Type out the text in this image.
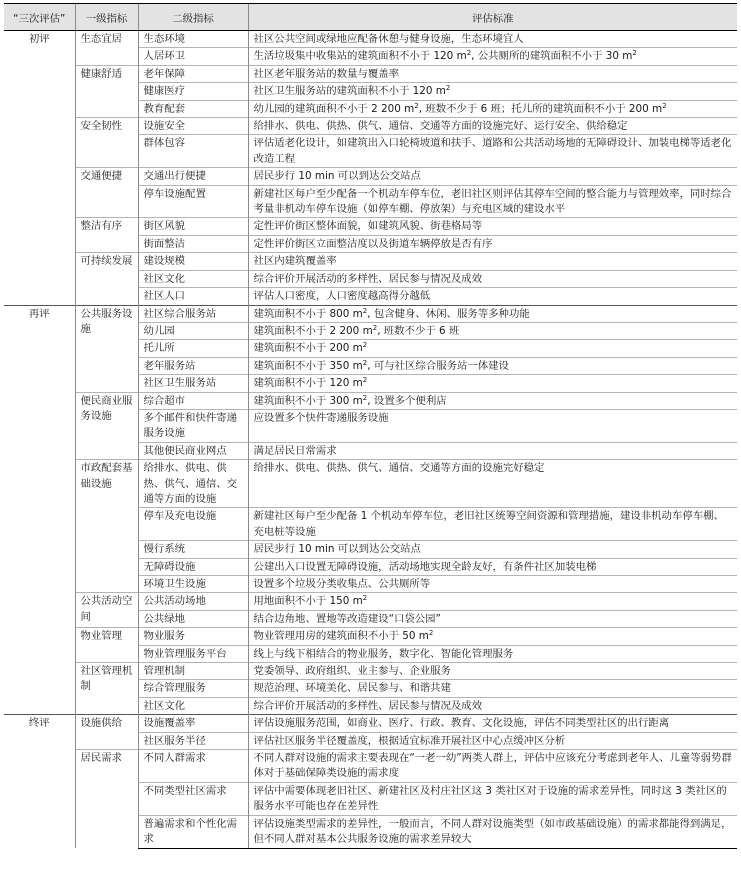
“三次评估”	一级指标	二级指标	评估标准
初评	生态宜居	生态环境	社区公共空间或绿地应配备休憩与健身设施，生态环境宜人
		人居环卫	生活垃圾集中收集站的建筑面积不小于 120 $m^2$, 公共厕所的建筑面积不小于 30 $m^2$
	健康舒适	老年保障	社区老年服务站的数量与覆盖率
		健康医疗	社区卫生服务站的建筑面积不小于 120 $m^2$
		教育配套	幼儿园的建筑面积不小于 2 200 $m^2$, 班数不少于 6 班；托儿所的建筑面积不小于 200 $m^2$
	安全韧性	设施安全	给排水、供电、供热、供气、通信、交通等方面的设施完好、运行安全、供给稳定
		群体包容	评估适老化设计，如建筑出入口轮椅坡道和扶手、道路和公共活动场地的无障碍设计、加装电梯等适老化改造工程
	交通便捷	交通出行便捷	居民步行 10 min 可以到达公交站点
		停车设施配置	新建社区每户至少配备一个机动车停车位，老旧社区则评估其停车空间的整合能力与管理效率，同时综合考量非机动车停车设施（如停车棚、停放架）与充电区域的建设水平
	整洁有序	街区风貌	定性评价街区整体面貌，如建筑风貌、街巷格局等
		街面整洁	定性评价街区立面整洁度以及街道车辆停放是否有序
	可持续发展	建设规模	社区内建筑覆盖率
		社区文化	综合评价开展活动的多样性、居民参与情况及成效
		社区人口	评估人口密度，人口密度越高得分越低
再评	公共服务设施	社区综合服务站	建筑面积不小于 800 $m^2$, 包含健身、休闲、服务等多种功能
		幼儿园	建筑面积不小于 2 200 $m^2$, 班数不少于 6 班
		托儿所	建筑面积不小于 200 $m^2$
		老年服务站	建筑面积不小于 350 $m^2$, 可与社区综合服务站一体建设
		社区卫生服务站	建筑面积不小于 120 $m^2$
	便民商业服务设施	综合超市	建筑面积不小于 300 $m^2$, 设置多个便利店
		多个邮件和快件寄递服务设施	应设置多个快件寄递服务设施
		其他便民商业网点	满足居民日常需求
	市政配套基础设施	给排水、供电、供热、供气、通信、交通等方面的设施	给排水、供电、供热、供气、通信、交通等方面的设施完好稳定
		停车及充电设施	新建社区每户至少配备 1 个机动车停车位，老旧社区统筹空间资源和管理措施，建设非机动车停车棚、充电桩等设施
		慢行系统	居民步行 10 min 可以到达公交站点
		无障碍设施	公建出入口设置无障碍设施，活动场地实现全龄友好，有条件社区加装电梯
		环境卫生设施	设置多个垃圾分类收集点、公共厕所等
	公共活动空间	公共活动场地	用地面积不小于 150 $m^2$
		公共绿地	结合边角地、置地等改造建设“口袋公园”
	物业管理	物业服务	物业管理用房的建筑面积不小于 50 $m^2$
		物业管理服务平台	线上与线下相结合的物业服务，数字化、智能化管理服务
	社区管理机制	管理机制	党委领导、政府组织、业主参与、企业服务
		综合管理服务	规范治理、环境美化、居民参与、和谐共建
		社区文化	综合评价开展活动的多样性、居民参与情况及成效
终评	设施供给	设施覆盖率	评估设施服务范围，如商业、医疗、行政、教育、文化设施，评估不同类型社区的出行距离
		社区服务半径	评估社区服务半径覆盖度，根据适宜标准开展社区中心点缓冲区分析
	居民需求	不同人群需求	不同人群对设施的需求主要表现在“一老一幼”两类人群上，评估中应该充分考虑到老年人、儿童等弱势群体对于基础保障类设施的需求度
		不同类型社区需求	评估中需要体现老旧社区、新建社区及村庄社区这 3 类社区对于设施的需求差异性，同时这 3 类社区的服务水平可能也存在差异性
		普遍需求和个性化需求	评估设施类型需求的差异性，一般而言，不同人群对设施类型（如市政基础设施）的需求都能得到满足，但不同人群对基本公共服务设施的需求差异较大
